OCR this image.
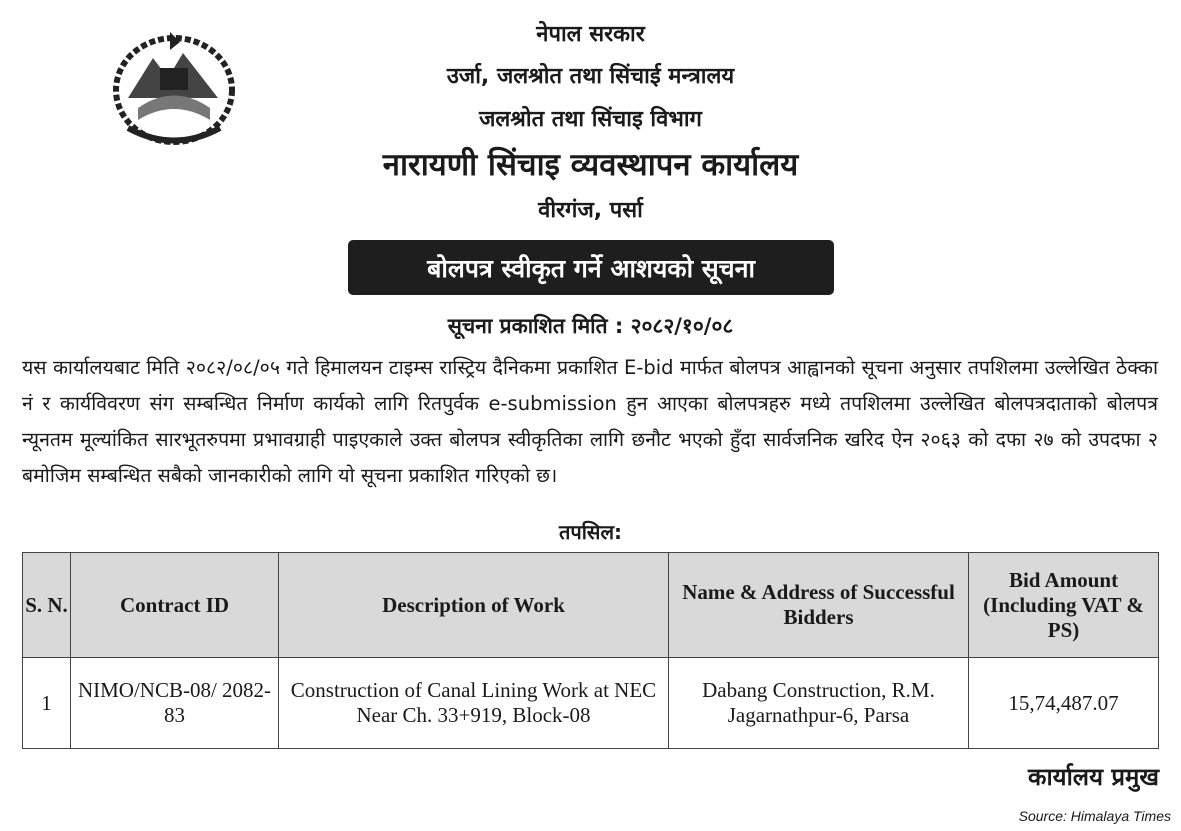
नेपाल सरकार
उर्जा, जलश्रोत तथा सिंचाई मन्त्रालय
जलश्रोत तथा सिंचाइ विभाग
नारायणी सिंचाइ व्यवस्थापन कार्यालय
वीरगंज, पर्सा
बोलपत्र स्वीकृत गर्ने आशयको सूचना
सूचना प्रकाशित मिति : २०८२/१०/०८
यस कार्यालयबाट मिति २०८२/०८/०५ गते हिमालयन टाइम्स रास्ट्रिय दैनिकमा प्रकाशित E-bid मार्फत बोलपत्र आह्वानको सूचना अनुसार तपशिलमा उल्लेखित ठेक्का नं र कार्यविवरण संग सम्बन्धित निर्माण कार्यको लागि रितपुर्वक e-submission हुन आएका बोलपत्रहरु मध्ये तपशिलमा उल्लेखित बोलपत्रदाताको बोलपत्र न्यूनतम मूल्यांकित सारभूतरुपमा प्रभावग्राही पाइएकाले उक्त बोलपत्र स्वीकृतिका लागि छनौट भएको हुँदा सार्वजनिक खरिद ऐन २०६३ को दफा २७ को उपदफा २ बमोजिम सम्बन्धित सबैको जानकारीको लागि यो सूचना प्रकाशित गरिएको छ।
तपसिल:
S. N.	Contract ID	Description of Work	Name & Address of Successful Bidders	Bid Amount (Including VAT & PS)
1	NIMO/NCB-08/ 2082-83	Construction of Canal Lining Work at NEC Near Ch. 33+919, Block-08	Dabang Construction, R.M. Jagarnathpur-6, Parsa	15,74,487.07
कार्यालय प्रमुख
Source: Himalaya Times
